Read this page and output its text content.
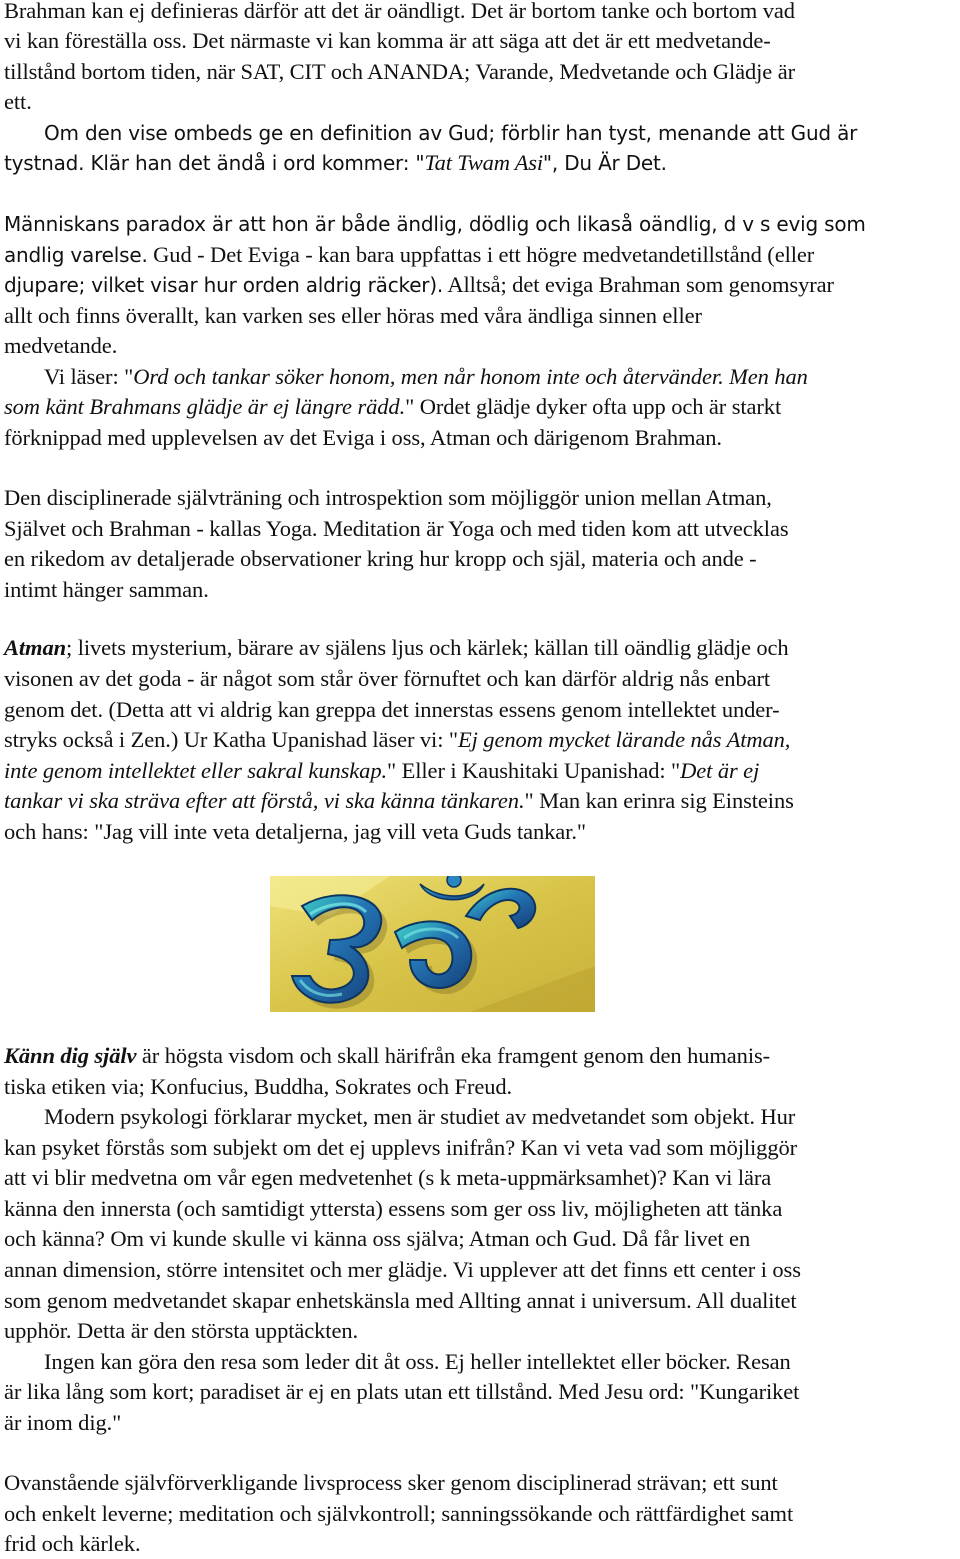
Brahman kan ej definieras därför att det är oändligt. Det är bortom tanke och bortom vad
vi kan föreställa oss. Det närmaste vi kan komma är att säga att det är ett medvetande-
tillstånd bortom tiden, när SAT, CIT och ANANDA; Varande, Medvetande och Glädje är
ett.
Om den vise ombeds ge en definition av Gud; förblir han tyst, menande att Gud är
tystnad. Klär han det ändå i ord kommer: "Tat Twam Asi", Du Är Det.
Människans paradox är att hon är både ändlig, dödlig och likaså oändlig, d v s evig som
andlig varelse. Gud - Det Eviga - kan bara uppfattas i ett högre medvetandetillstånd (eller
djupare; vilket visar hur orden aldrig räcker). Alltså; det eviga Brahman som genomsyrar
allt och finns överallt, kan varken ses eller höras med våra ändliga sinnen eller
medvetande.
Vi läser: "Ord och tankar söker honom, men når honom inte och återvänder. Men han
som känt Brahmans glädje är ej längre rädd." Ordet glädje dyker ofta upp och är starkt
förknippad med upplevelsen av det Eviga i oss, Atman och därigenom Brahman.
Den disciplinerade självträning och introspektion som möjliggör union mellan Atman,
Självet och Brahman - kallas Yoga. Meditation är Yoga och med tiden kom att utvecklas
en rikedom av detaljerade observationer kring hur kropp och själ, materia och ande -
intimt hänger samman.
Atman; livets mysterium, bärare av själens ljus och kärlek; källan till oändlig glädje och
visonen av det goda - är något som står över förnuftet och kan därför aldrig nås enbart
genom det. (Detta att vi aldrig kan greppa det innerstas essens genom intellektet under-
stryks också i Zen.) Ur Katha Upanishad läser vi: "Ej genom mycket lärande nås Atman,
inte genom intellektet eller sakral kunskap." Eller i Kaushitaki Upanishad: "Det är ej
tankar vi ska sträva efter att förstå, vi ska känna tänkaren." Man kan erinra sig Einsteins
och hans: "Jag vill inte veta detaljerna, jag vill veta Guds tankar."
Känn dig själv är högsta visdom och skall härifrån eka framgent genom den humanis-
tiska etiken via; Konfucius, Buddha, Sokrates och Freud.
Modern psykologi förklarar mycket, men är studiet av medvetandet som objekt. Hur
kan psyket förstås som subjekt om det ej upplevs inifrån? Kan vi veta vad som möjliggör
att vi blir medvetna om vår egen medvetenhet (s k meta-uppmärksamhet)? Kan vi lära
känna den innersta (och samtidigt yttersta) essens som ger oss liv, möjligheten att tänka
och känna? Om vi kunde skulle vi känna oss själva; Atman och Gud. Då får livet en
annan dimension, större intensitet och mer glädje. Vi upplever att det finns ett center i oss
som genom medvetandet skapar enhetskänsla med Allting annat i universum. All dualitet
upphör. Detta är den största upptäckten.
Ingen kan göra den resa som leder dit åt oss. Ej heller intellektet eller böcker. Resan
är lika lång som kort; paradiset är ej en plats utan ett tillstånd. Med Jesu ord: "Kungariket
är inom dig."
Ovanstående självförverkligande livsprocess sker genom disciplinerad strävan; ett sunt
och enkelt leverne; meditation och självkontroll; sanningssökande och rättfärdighet samt
frid och kärlek.
